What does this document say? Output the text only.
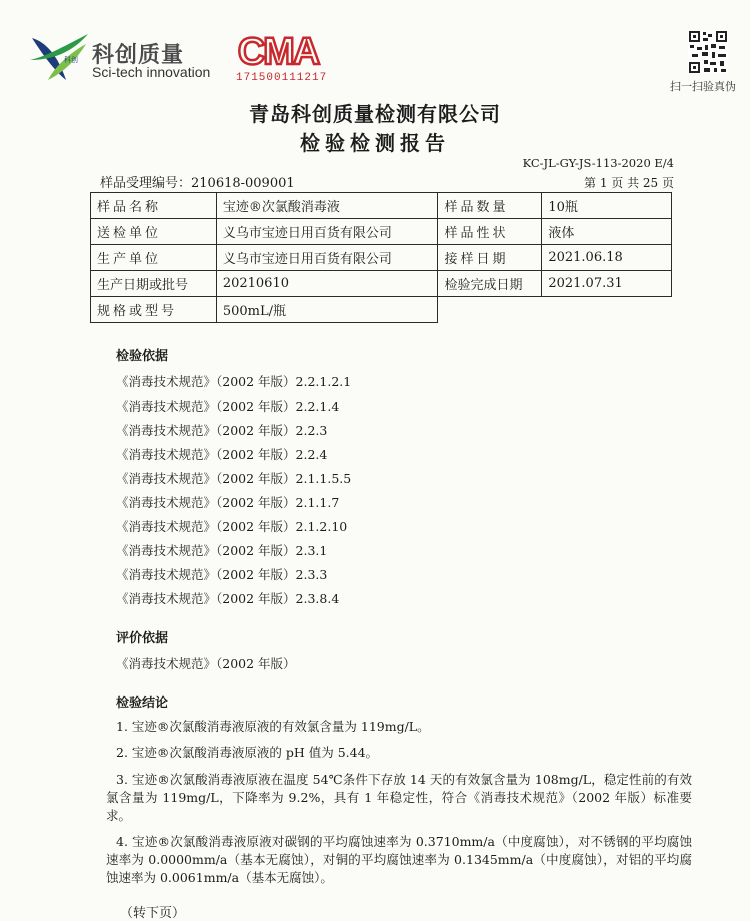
科创 科创质量
Sci-tech innovation CMA
171500111217
扫一扫验真伪
青岛科创质量检测有限公司
检验检测报告
KC-JL-GY-JS-113-2020 E/4
样品受理编号：210618-009001	第 1 页 共 25 页
样品名称	宝迹®次氯酸消毒液	样品数量	10瓶
送检单位	义乌市宝迹日用百货有限公司	样品性状	液体
生产单位	义乌市宝迹日用百货有限公司	接样日期	2021.06.18
生产日期或批号	20210610	检验完成日期	2021.07.31
规格或型号	500mL/瓶		
检验依据
《消毒技术规范》（2002 年版）2.2.1.2.1
《消毒技术规范》（2002 年版）2.2.1.4
《消毒技术规范》（2002 年版）2.2.3
《消毒技术规范》（2002 年版）2.2.4
《消毒技术规范》（2002 年版）2.1.1.5.5
《消毒技术规范》（2002 年版）2.1.1.7
《消毒技术规范》（2002 年版）2.1.2.10
《消毒技术规范》（2002 年版）2.3.1
《消毒技术规范》（2002 年版）2.3.3
《消毒技术规范》（2002 年版）2.3.8.4
评价依据
《消毒技术规范》（2002 年版）
检验结论
1. 宝迹®次氯酸消毒液原液的有效氯含量为 119mg/L。
2. 宝迹®次氯酸消毒液原液的 pH 值为 5.44。
3. 宝迹®次氯酸消毒液原液在温度 54℃条件下存放 14 天的有效氯含量为 108mg/L，稳定性前的有效氯含量为 119mg/L，下降率为 9.2%，具有 1 年稳定性，符合《消毒技术规范》（2002 年版）标准要求。
4. 宝迹®次氯酸消毒液原液对碳钢的平均腐蚀速率为 0.3710mm/a（中度腐蚀），对不锈钢的平均腐蚀速率为 0.0000mm/a（基本无腐蚀），对铜的平均腐蚀速率为 0.1345mm/a（中度腐蚀），对铝的平均腐蚀速率为 0.0061mm/a（基本无腐蚀）。
（转下页）
